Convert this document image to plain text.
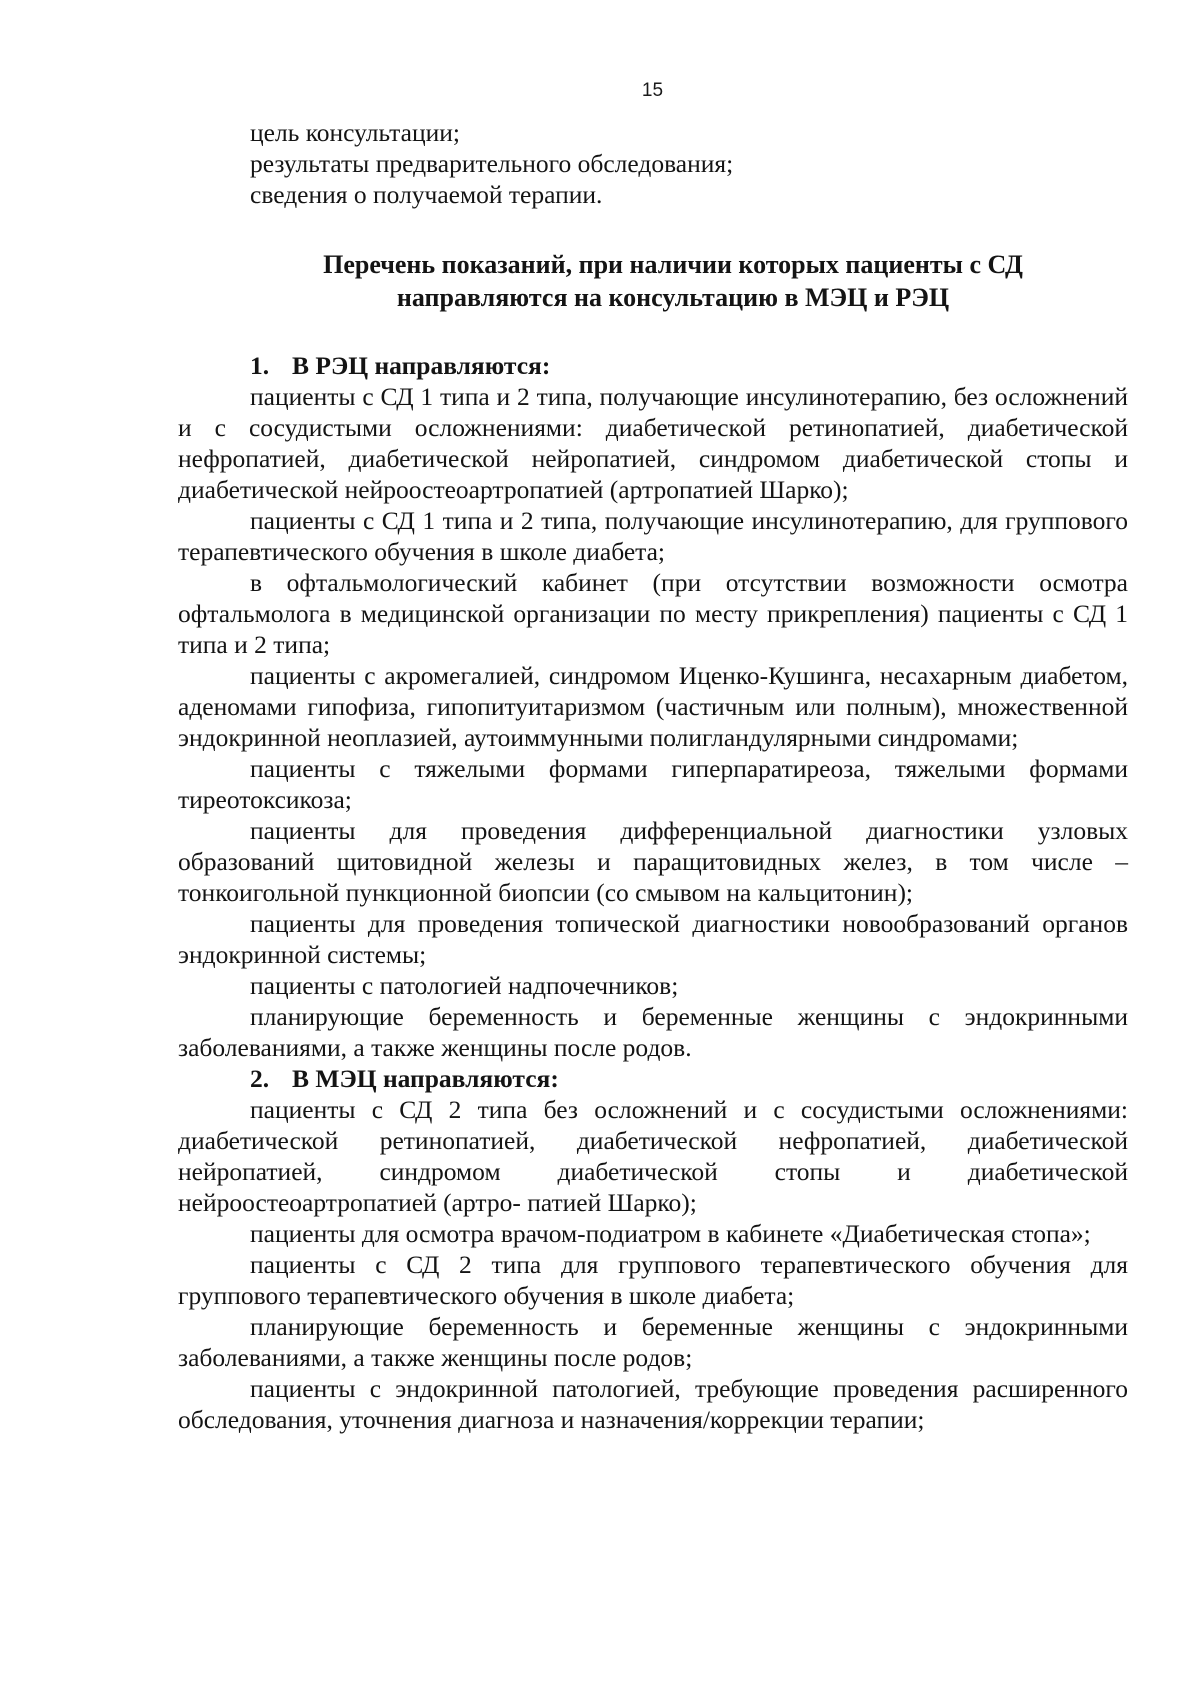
15

цель консультации;

результаты предварительного обследования;

сведения о получаемой терапии.

Перечень показаний, при наличии которых пациенты с СД
направляются на консультацию в МЭЦ и РЭЦ

1. В РЭЦ направляются:

пациенты с СД 1 типа и 2 типа, получающие инсулинотерапию, без осложнений и с сосудистыми осложнениями: диабетической ретинопатией, диабетической нефропатией, диабетической нейропатией, синдромом диабетической стопы и диабетической нейроостеоартропатией (артропатией Шарко);

пациенты с СД 1 типа и 2 типа, получающие инсулинотерапию, для группового терапевтического обучения в школе диабета;

в офтальмологический кабинет (при отсутствии возможности осмотра офтальмолога в медицинской организации по месту прикрепления) пациенты с СД 1 типа и 2 типа;

пациенты с акромегалией, синдромом Иценко-Кушинга, несахарным диабетом, аденомами гипофиза, гипопитуитаризмом (частичным или полным), множественной эндокринной неоплазией, аутоиммунными полигландулярными синдромами;

пациенты с тяжелыми формами гиперпаратиреоза, тяжелыми формами тиреотоксикоза;

пациенты для проведения дифференциальной диагностики узловых образований щитовидной железы и паращитовидных желез, в том числе – тонкоигольной пункционной биопсии (со смывом на кальцитонин);

пациенты для проведения топической диагностики новообразований органов эндокринной системы;

пациенты с патологией надпочечников;

планирующие беременность и беременные женщины с эндокринными заболеваниями, а также женщины после родов.

2. В МЭЦ направляются:

пациенты с СД 2 типа без осложнений и с сосудистыми осложнениями: диабетической ретинопатией, диабетической нефропатией, диабетической нейропатией, синдромом диабетической стопы и диабетической нейроостеоартропатией (артро- патией Шарко);

пациенты для осмотра врачом-подиатром в кабинете «Диабетическая стопа»;

пациенты с СД 2 типа для группового терапевтического обучения для группового терапевтического обучения в школе диабета;

планирующие беременность и беременные женщины с эндокринными заболеваниями, а также женщины после родов;

пациенты с эндокринной патологией, требующие проведения расширенного обследования, уточнения диагноза и назначения/коррекции терапии;
